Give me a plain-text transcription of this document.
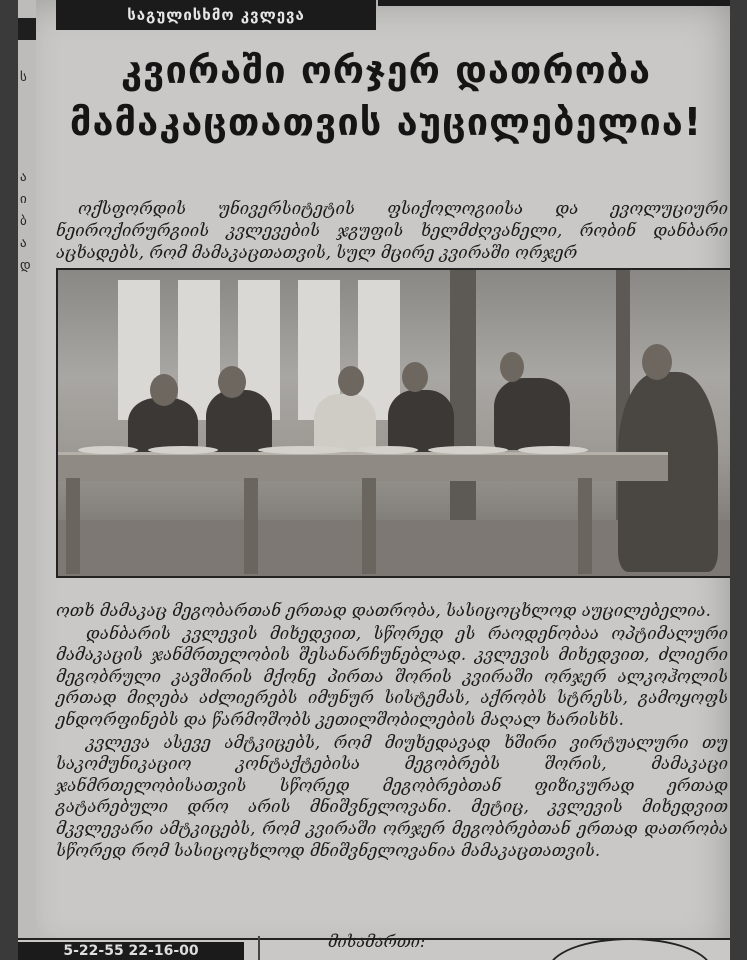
ს
ა
ი
ბ
ა
დ
საგულისხმო კვლევა
კვირაში ორჯერ დათრობა
მამაკაცთათვის აუცილებელია!
ოქსფორდის უნივერსიტეტის ფსიქოლოგიისა და ევოლუციური ნეიროქირურგიის კვლევების ჯგუფის ხელმძღვანელი, რობინ დანბარი აცხადებს, რომ მამაკაცთათვის, სულ მცირე კვირაში ორჯერ

ოთხ მამაკაც მეგობართან ერთად დათრობა, სასიცოცხლოდ აუცილებელია.

დანბარის კვლევის მიხედვით, სწორედ ეს რაოდენობაა ოპტიმალური მამაკაცის ჯანმრთელობის შესანარჩუნებლად. კვლევის მიხედვით, ძლიერი მეგობრული კავშირის მქონე პირთა შორის კვირაში ორჯერ ალკოჰოლის ერთად მიღება აძლიერებს იმუნურ სისტემას, აქრობს სტრესს, გამოყოფს ენდორფინებს და წარმოშობს კეთილშობილების მაღალ ხარისხს.

კვლევა ასევე ამტკიცებს, რომ მიუხედავად ხშირი ვირტუალური თუ საკომუნიკაციო კონტაქტებისა მეგობრებს შორის, მამაკაცი ჯანმრთელობისათვის სწორედ მეგობრებთან ფიზიკურად ერთად გატარებული დრო არის მნიშვნელოვანი. მეტიც, კვლევის მიხედვით მკვლევარი ამტკიცებს, რომ კვირაში ორჯერ მეგობრებთან ერთად დათრობა სწორედ რომ სასიცოცხლოდ მნიშვნელოვანია მამაკაცთათვის.

5-22-55 22-16-00	მისამართი:
